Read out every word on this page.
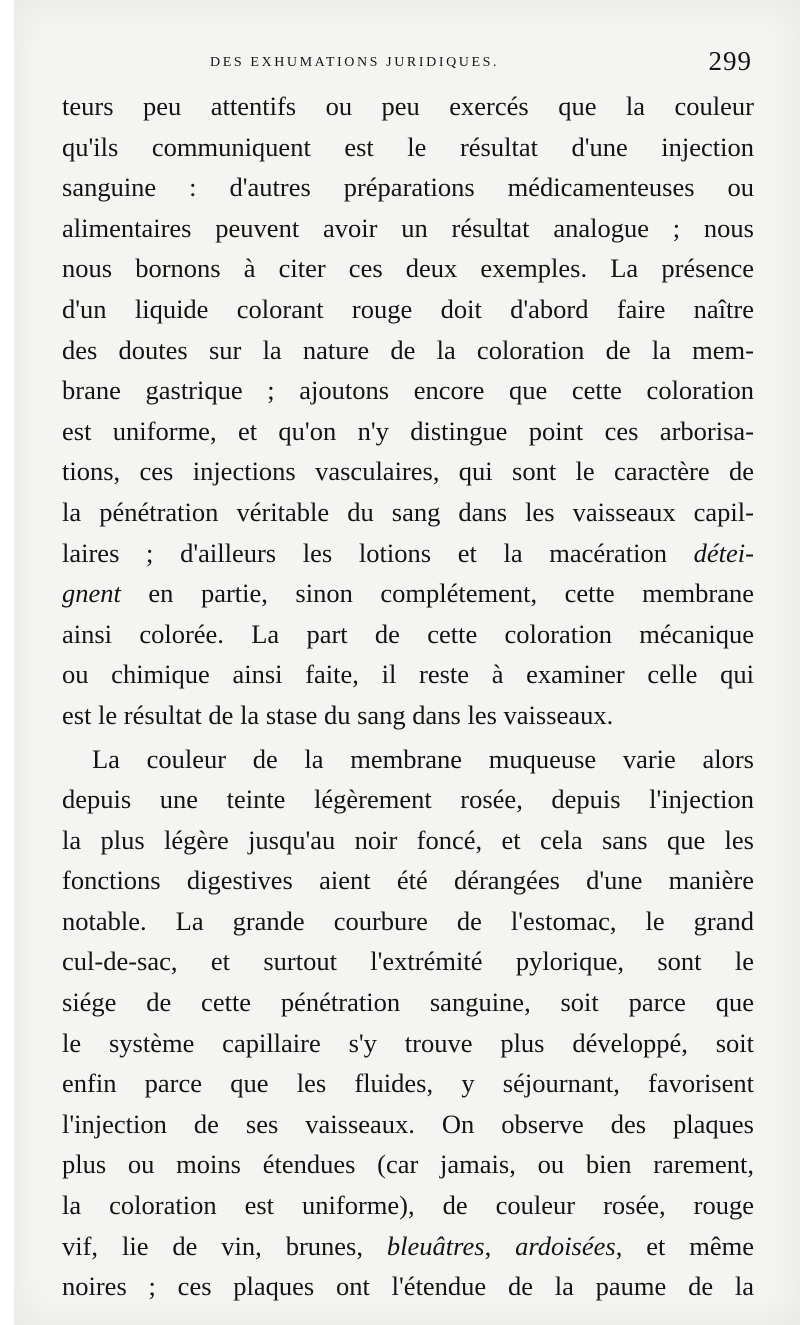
DES EXHUMATIONS JURIDIQUES.	299
teurs peu attentifs ou peu exercés que la couleur
qu'ils communiquent est le résultat d'une injection
sanguine : d'autres préparations médicamenteuses ou
alimentaires peuvent avoir un résultat analogue ; nous
nous bornons à citer ces deux exemples. La présence
d'un liquide colorant rouge doit d'abord faire naître
des doutes sur la nature de la coloration de la mem-
brane gastrique ; ajoutons encore que cette coloration
est uniforme, et qu'on n'y distingue point ces arborisa-
tions, ces injections vasculaires, qui sont le caractère de
la pénétration véritable du sang dans les vaisseaux capil-
laires ; d'ailleurs les lotions et la macération détei-
gnent en partie, sinon complétement, cette membrane
ainsi colorée. La part de cette coloration mécanique
ou chimique ainsi faite, il reste à examiner celle qui
est le résultat de la stase du sang dans les vaisseaux.
La couleur de la membrane muqueuse varie alors
depuis une teinte légèrement rosée, depuis l'injection
la plus légère jusqu'au noir foncé, et cela sans que les
fonctions digestives aient été dérangées d'une manière
notable. La grande courbure de l'estomac, le grand
cul-de-sac, et surtout l'extrémité pylorique, sont le
siége de cette pénétration sanguine, soit parce que
le système capillaire s'y trouve plus développé, soit
enfin parce que les fluides, y séjournant, favorisent
l'injection de ses vaisseaux. On observe des plaques
plus ou moins étendues (car jamais, ou bien rarement,
la coloration est uniforme), de couleur rosée, rouge
vif, lie de vin, brunes, bleuâtres, ardoisées, et même
noires ; ces plaques ont l'étendue de la paume de la
